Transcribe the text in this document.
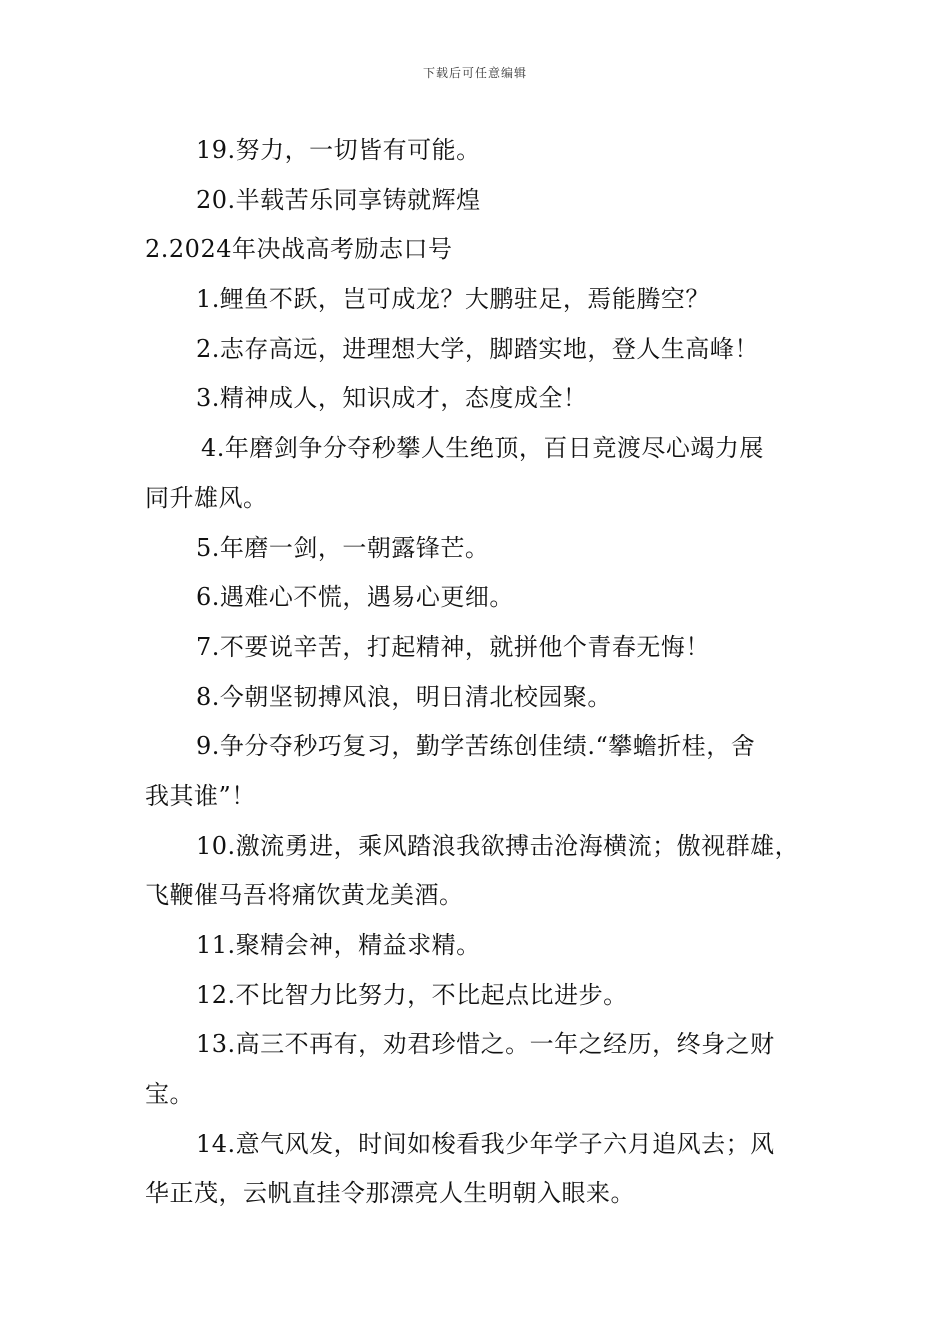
下载后可任意编辑
19.努力，一切皆有可能。
20.半载苦乐同享铸就辉煌
2.2024年决战高考励志口号
1.鲤鱼不跃，岂可成龙？大鹏驻足，焉能腾空？
2.志存高远，进理想大学，脚踏实地，登人生高峰！
3.精神成人，知识成才，态度成全！
4.年磨剑争分夺秒攀人生绝顶，百日竞渡尽心竭力展
同升雄风。
5.年磨一剑，一朝露锋芒。
6.遇难心不慌，遇易心更细。
7.不要说辛苦，打起精神，就拼他个青春无悔！
8.今朝坚韧搏风浪，明日清北校园聚。
9.争分夺秒巧复习，勤学苦练创佳绩.“攀蟾折桂，舍
我其谁”！
10.激流勇进，乘风踏浪我欲搏击沧海横流；傲视群雄，
飞鞭催马吾将痛饮黄龙美酒。
11.聚精会神，精益求精。
12.不比智力比努力，不比起点比进步。
13.高三不再有，劝君珍惜之。一年之经历，终身之财
宝。
14.意气风发，时间如梭看我少年学子六月追风去；风
华正茂，云帆直挂令那漂亮人生明朝入眼来。
